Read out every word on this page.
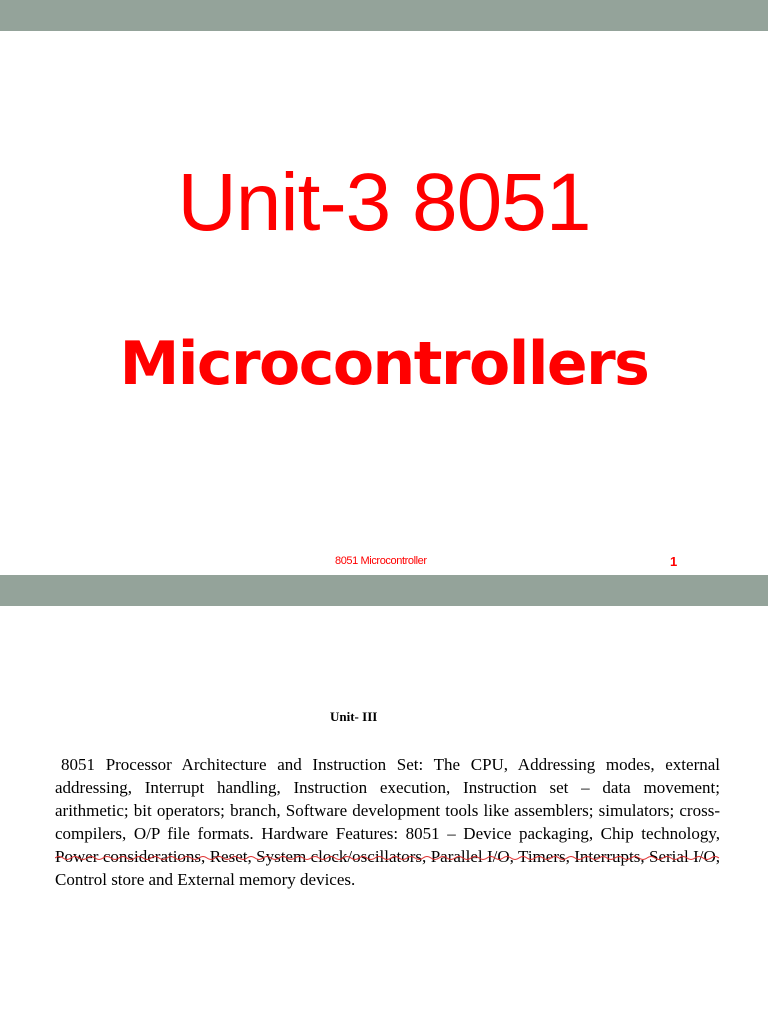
Unit-3 8051
Microcontrollers
8051 Microcontroller	1
Unit- III

8051 Processor Architecture and Instruction Set: The CPU, Addressing modes, external addressing, Interrupt handling, Instruction execution, Instruction set – data movement; arithmetic; bit operators; branch, Software development tools like assemblers; simulators; cross-compilers, O/P file formats. Hardware Features: 8051 – Device packaging, Chip technology, Power considerations, Reset, System clock/oscillators, Parallel I/O, Timers, Interrupts, Serial I/O, Control store and External memory devices.
